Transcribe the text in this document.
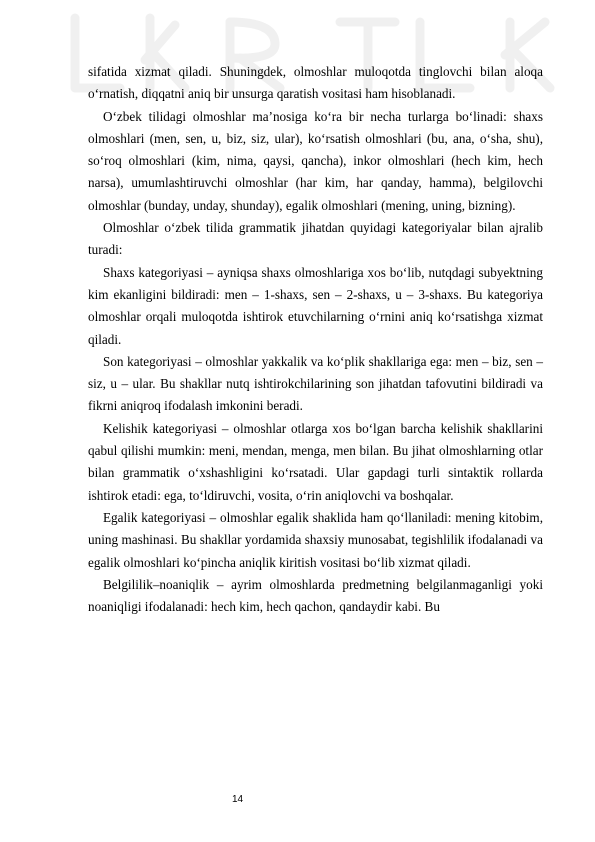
sifatida xizmat qiladi. Shuningdek, olmoshlar muloqotda tinglovchi bilan aloqa o‘rnatish, diqqatni aniq bir unsurga qaratish vositasi ham hisoblanadi.

O‘zbek tilidagi olmoshlar ma’nosiga ko‘ra bir necha turlarga bo‘linadi: shaxs olmoshlari (men, sen, u, biz, siz, ular), ko‘rsatish olmoshlari (bu, ana, o‘sha, shu), so‘roq olmoshlari (kim, nima, qaysi, qancha), inkor olmoshlari (hech kim, hech narsa), umumlashtiruvchi olmoshlar (har kim, har qanday, hamma), belgilovchi olmoshlar (bunday, unday, shunday), egalik olmoshlari (mening, uning, bizning).

Olmoshlar o‘zbek tilida grammatik jihatdan quyidagi kategoriyalar bilan ajralib turadi:

Shaxs kategoriyasi – ayniqsa shaxs olmoshlariga xos bo‘lib, nutqdagi subyektning kim ekanligini bildiradi: men – 1-shaxs, sen – 2-shaxs, u – 3-shaxs. Bu kategoriya olmoshlar orqali muloqotda ishtirok etuvchilarning o‘rnini aniq ko‘rsatishga xizmat qiladi.

Son kategoriyasi – olmoshlar yakkalik va ko‘plik shakllariga ega: men – biz, sen – siz, u – ular. Bu shakllar nutq ishtirokchilarining son jihatdan tafovutini bildiradi va fikrni aniqroq ifodalash imkonini beradi.

Kelishik kategoriyasi – olmoshlar otlarga xos bo‘lgan barcha kelishik shakllarini qabul qilishi mumkin: meni, mendan, menga, men bilan. Bu jihat olmoshlarning otlar bilan grammatik o‘xshashligini ko‘rsatadi. Ular gapdagi turli sintaktik rollarda ishtirok etadi: ega, to‘ldiruvchi, vosita, o‘rin aniqlovchi va boshqalar.

Egalik kategoriyasi – olmoshlar egalik shaklida ham qo‘llaniladi: mening kitobim, uning mashinasi. Bu shakllar yordamida shaxsiy munosabat, tegishlilik ifodalanadi va egalik olmoshlari ko‘pincha aniqlik kiritish vositasi bo‘lib xizmat qiladi.

Belgililik–noaniqlik – ayrim olmoshlarda predmetning belgilanmaganligi yoki noaniqligi ifodalanadi: hech kim, hech qachon, qandaydir kabi. Bu

14
